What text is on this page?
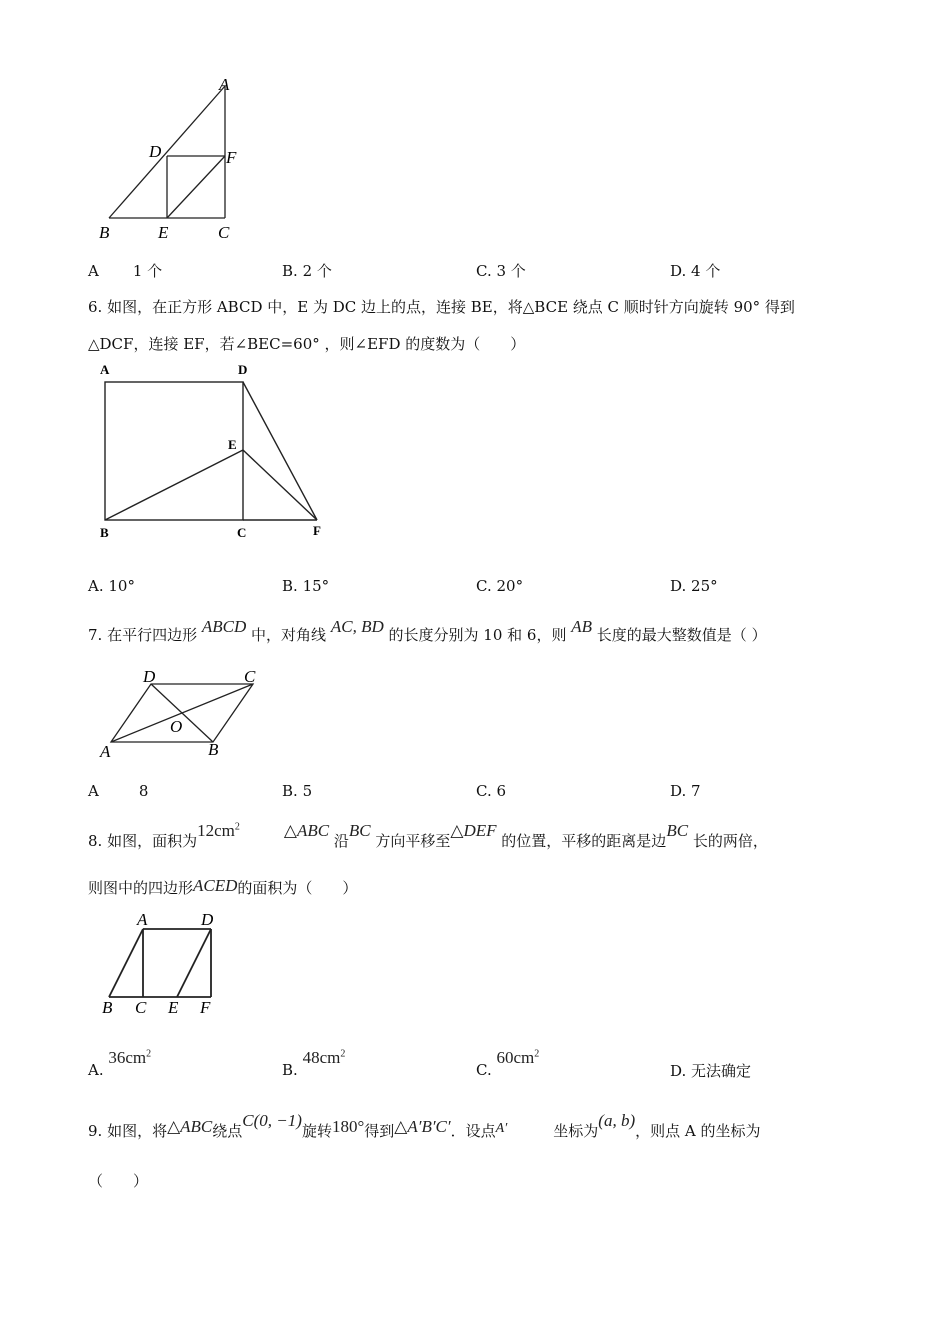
A
D	F
B	E	C
A 1 个	B. 2 个	C. 3 个	D. 4 个
6. 如图，在正方形 ABCD 中，E 为 DC 边上的点，连接 BE，将△BCE 绕点 C 顺时针方向旋转 90° 得到
△DCF，连接 EF，若∠BEC=60° ，则∠EFD 的度数为（　　）
A	D
E
B	C	F
A. 10°	B. 15°	C. 20°	D. 25°
7. 在平行四边形 ABCD 中，对角线 AC, BD 的长度分别为 10 和 6，则 AB 长度的最大整数值是（ ）
D	C
O
A	B
A	8	B. 5	C. 6	D. 7
8. 如图，面积为$12cm^2$	△ABC 沿BC 方向平移至△DEF 的位置，平移的距离是边BC 长的两倍，
则图中的四边形ACED的面积为（　　）
A	D
B C E F
A. $36cm^2$
B. $48cm^2$
C. $60cm^2$
D. 无法确定
9. 如图，将△ABC绕点C(0, −1)旋转180°得到△A′B′C′．设点A′	坐标为(a, b)，则点 A 的坐标为
（　　）
